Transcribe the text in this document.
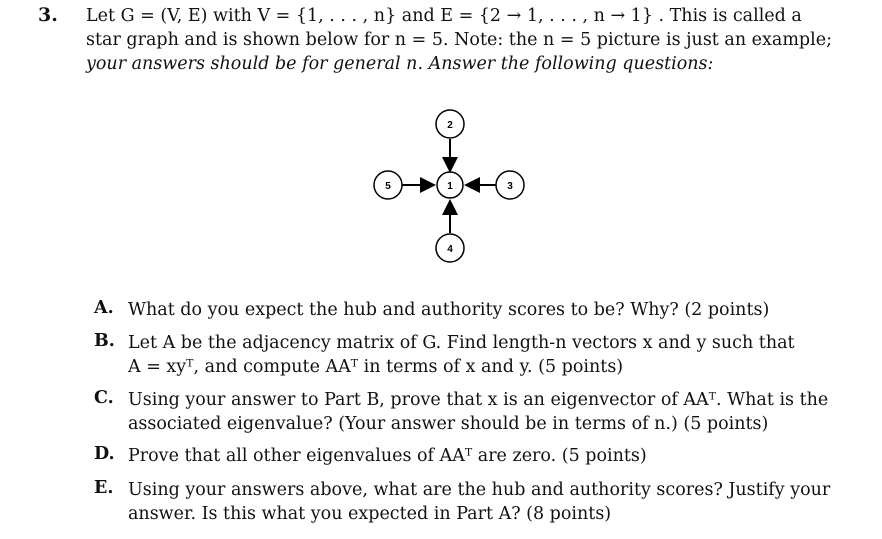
3. Let G = (V, E) with V = {1, . . . , n} and E = {2 → 1, . . . , n → 1} . This is called a

star graph and is shown below for n = 5. Note: the n = 5 picture is just an example;

your answers should be for general n. Answer the following questions:

1
2
3
4
5
A. What do you expect the hub and authority scores to be? Why? (2 points)
B. Let A be the adjacency matrix of G. Find length-n vectors x and y such that
A = xyᵀ, and compute AAᵀ in terms of x and y. (5 points)
C. Using your answer to Part B, prove that x is an eigenvector of AAᵀ. What is the
associated eigenvalue? (Your answer should be in terms of n.) (5 points)
D. Prove that all other eigenvalues of AAᵀ are zero. (5 points)
E. Using your answers above, what are the hub and authority scores? Justify your
answer. Is this what you expected in Part A? (8 points)
